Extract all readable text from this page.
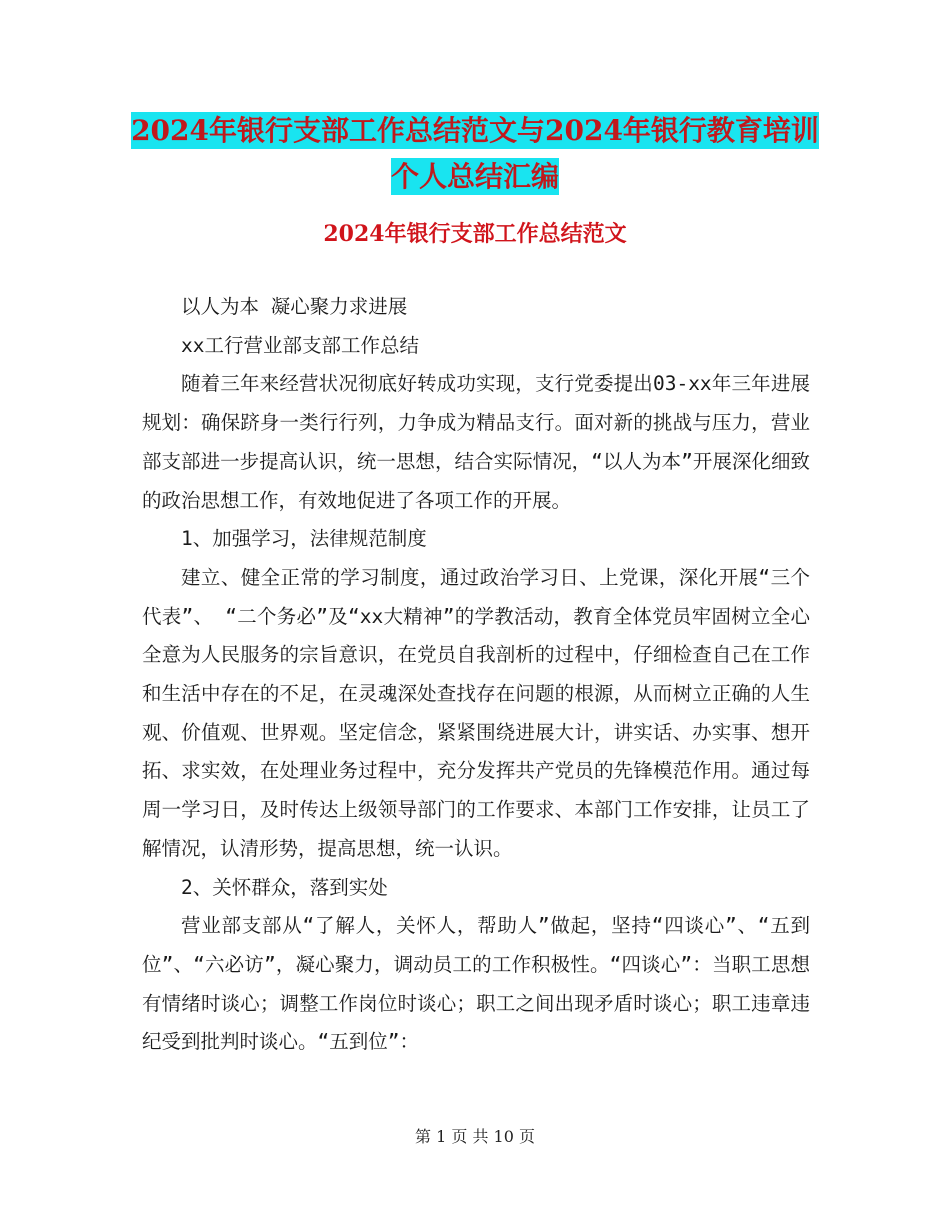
2024年银行支部工作总结范文与2024年银行教育培训
个人总结汇编
2024年银行支部工作总结范文

以人为本 凝心聚力求进展

xx工行营业部支部工作总结

随着三年来经营状况彻底好转成功实现，支行党委提出03-xx年三年进展规划：确保跻身一类行行列，力争成为精品支行。面对新的挑战与压力，营业部支部进一步提高认识，统一思想，结合实际情况，“以人为本”开展深化细致的政治思想工作，有效地促进了各项工作的开展。

1、加强学习，法律规范制度

建立、健全正常的学习制度，通过政治学习日、上党课，深化开展“三个代表”、 “二个务必”及“xx大精神”的学教活动，教育全体党员牢固树立全心全意为人民服务的宗旨意识，在党员自我剖析的过程中，仔细检查自己在工作和生活中存在的不足，在灵魂深处查找存在问题的根源，从而树立正确的人生观、价值观、世界观。坚定信念，紧紧围绕进展大计，讲实话、办实事、想开拓、求实效，在处理业务过程中，充分发挥共产党员的先锋模范作用。通过每周一学习日，及时传达上级领导部门的工作要求、本部门工作安排，让员工了解情况，认清形势，提高思想，统一认识。

2、关怀群众，落到实处

营业部支部从“了解人，关怀人，帮助人”做起，坚持“四谈心”、“五到位”、“六必访”，凝心聚力，调动员工的工作积极性。“四谈心”：当职工思想有情绪时谈心；调整工作岗位时谈心；职工之间出现矛盾时谈心；职工违章违纪受到批判时谈心。“五到位”：

第 1 页 共 10 页
